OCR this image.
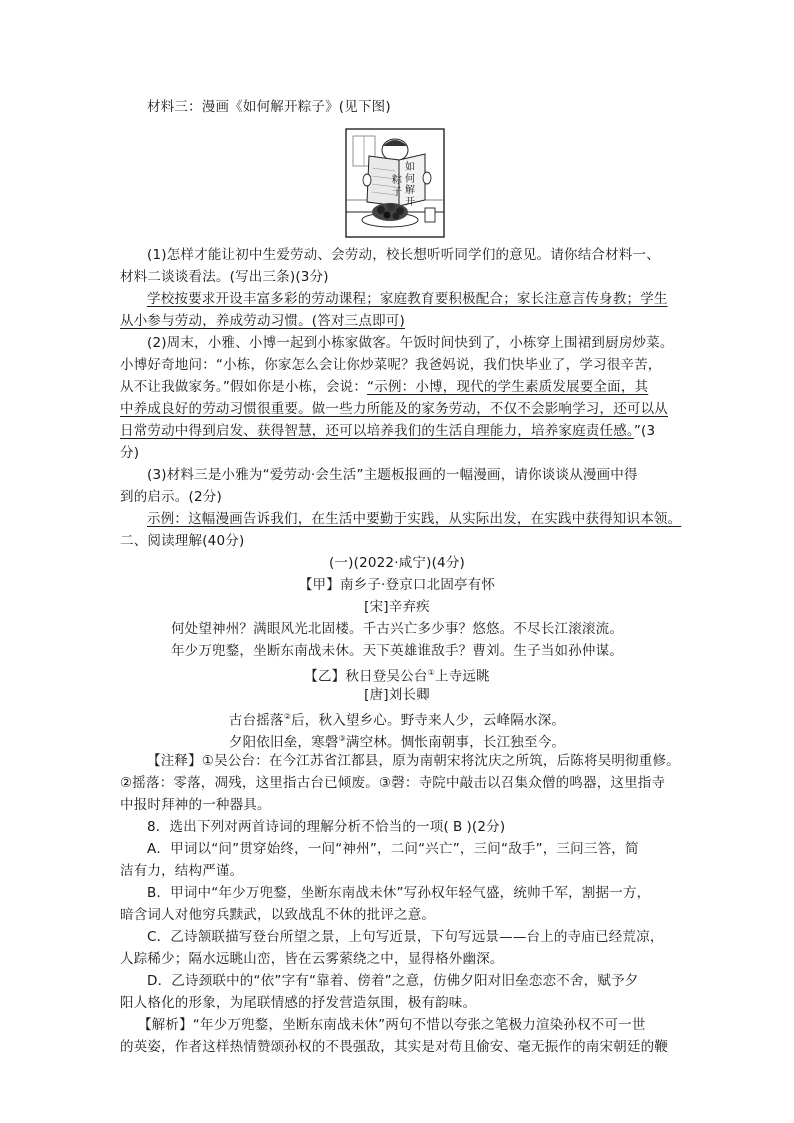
材料三：漫画《如何解开粽子》(见下图)
如
何
解
开
粽
子
(1)怎样才能让初中生爱劳动、会劳动，校长想听听同学们的意见。请你结合材料一、
材料二谈谈看法。(写出三条)(3分)
学校按要求开设丰富多彩的劳动课程；家庭教育要积极配合；家长注意言传身教；学生
从小参与劳动，养成劳动习惯。(答对三点即可)
(2)周末，小雅、小博一起到小栋家做客。午饭时间快到了，小栋穿上围裙到厨房炒菜。
小博好奇地问：“小栋，你家怎么会让你炒菜呢？我爸妈说，我们快毕业了，学习很辛苦，
从不让我做家务。”假如你是小栋，会说：“示例：小博，现代的学生素质发展要全面，其
中养成良好的劳动习惯很重要。做一些力所能及的家务劳动，不仅不会影响学习，还可以从
日常劳动中得到启发、获得智慧，还可以培养我们的生活自理能力，培养家庭责任感。”(3
分)
(3)材料三是小雅为“爱劳动·会生活”主题板报画的一幅漫画，请你谈谈从漫画中得
到的启示。(2分)
示例：这幅漫画告诉我们，在生活中要勤于实践，从实际出发，在实践中获得知识本领。
二、阅读理解(40分)
(一)(2022·咸宁)(4分)
【甲】南乡子·登京口北固亭有怀
[宋]辛弃疾
何处望神州？满眼风光北固楼。千古兴亡多少事？悠悠。不尽长江滚滚流。
年少万兜鍪，坐断东南战未休。天下英雄谁敌手？曹刘。生子当如孙仲谋。
【乙】秋日登吴公台①上寺远眺
[唐]刘长卿
古台摇落②后，秋入望乡心。野寺来人少，云峰隔水深。
夕阳依旧垒，寒磬③满空林。惆怅南朝事，长江独至今。
【注释】①吴公台：在今江苏省江都县，原为南朝宋将沈庆之所筑，后陈将吴明彻重修。
②摇落：零落，凋残，这里指古台已倾废。③磬：寺院中敲击以召集众僧的鸣器，这里指寺
中报时拜神的一种器具。
8．选出下列对两首诗词的理解分析不恰当的一项( B )(2分)
A．甲词以“问”贯穿始终，一问“神州”，二问“兴亡”，三问“敌手”，三问三答，简
洁有力，结构严谨。
B．甲词中“年少万兜鍪，坐断东南战未休”写孙权年轻气盛，统帅千军，割据一方，
暗含词人对他穷兵黩武，以致战乱不休的批评之意。
C．乙诗颔联描写登台所望之景，上句写近景，下句写远景——台上的寺庙已经荒凉，
人踪稀少；隔水远眺山峦，皆在云雾萦绕之中，显得格外幽深。
D．乙诗颈联中的“依”字有“靠着、傍着”之意，仿佛夕阳对旧垒恋恋不舍，赋予夕
阳人格化的形象，为尾联情感的抒发营造氛围，极有韵味。
【解析】“年少万兜鍪，坐断东南战未休”两句不惜以夸张之笔极力渲染孙权不可一世
的英姿，作者这样热情赞颂孙权的不畏强敌，其实是对苟且偷安、毫无振作的南宋朝廷的鞭
